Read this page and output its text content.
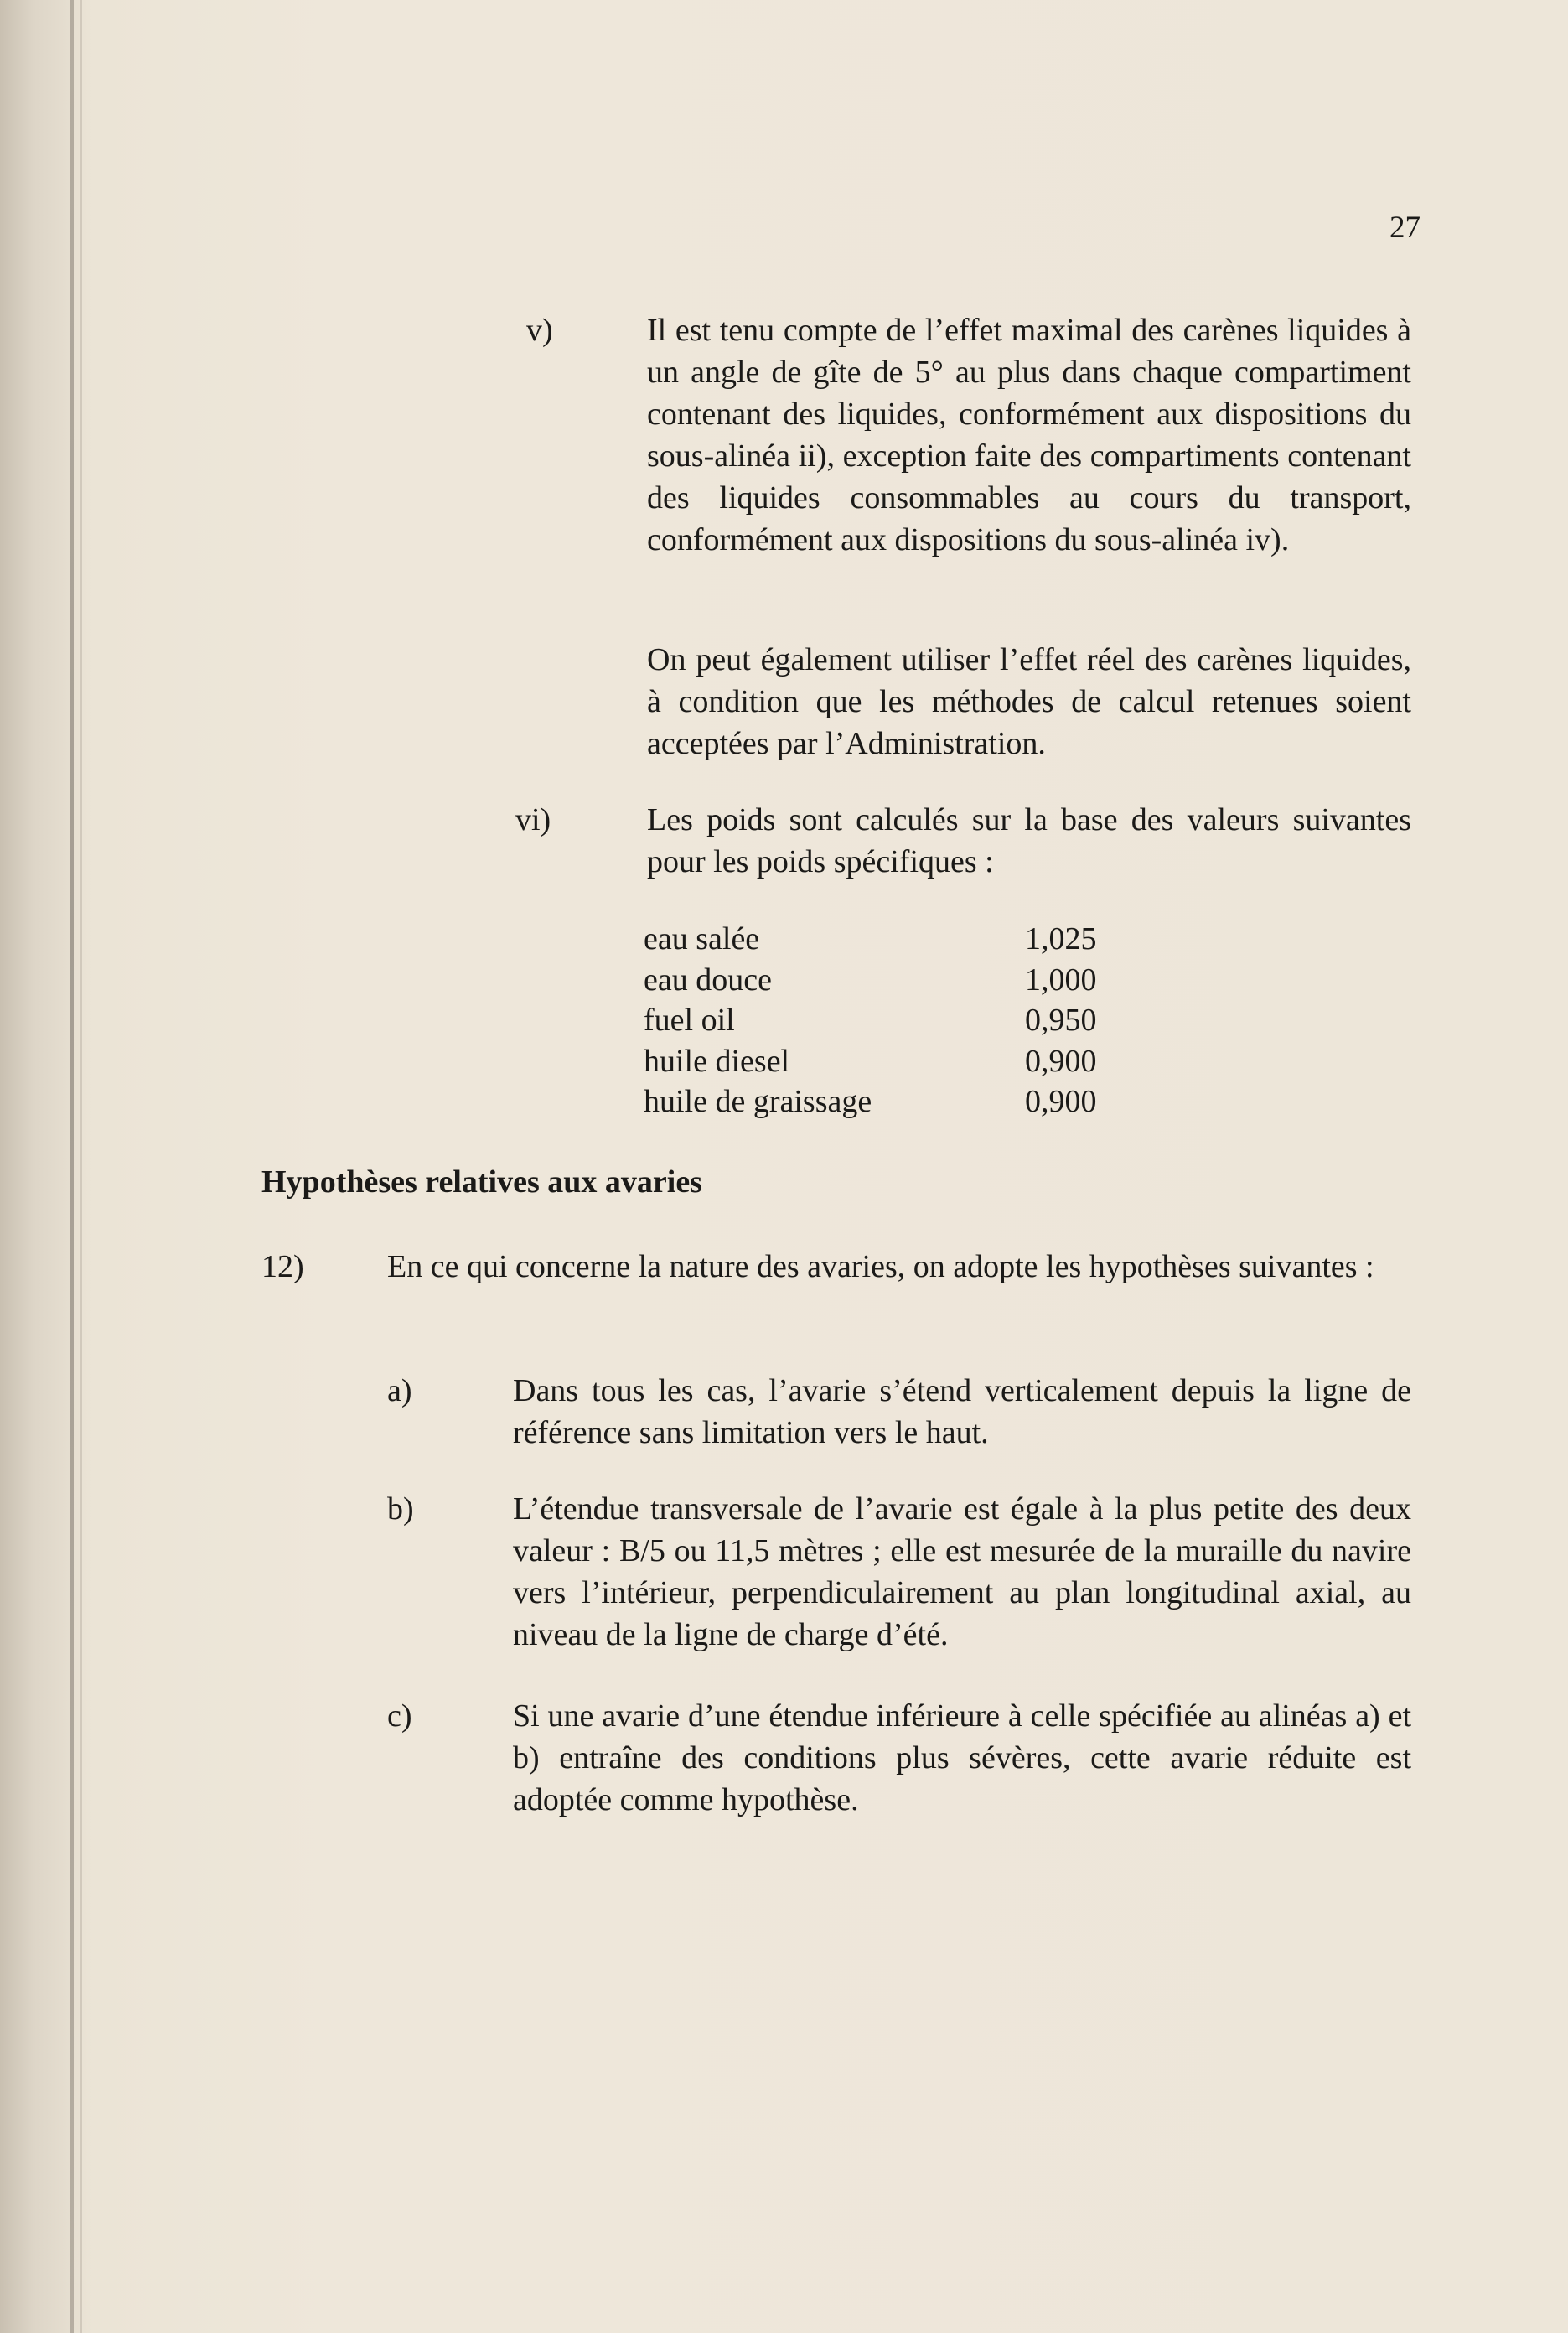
27
v)	Il est tenu compte de l’effet maximal des carènes liquides à un angle de gîte de 5° au plus dans chaque compartiment contenant des liquides, conformément aux dispositions du sous-alinéa ii), exception faite des compartiments contenant des liquides consommables au cours du transport, conformément aux dispositions du sous-alinéa iv).

On peut également utiliser l’effet réel des carènes liquides, à condition que les méthodes de calcul retenues soient acceptées par l’Administration.

vi)	Les poids sont calculés sur la base des valeurs suivantes pour les poids spécifiques :

eau salée	1,025
eau douce	1,000
fuel oil	0,950
huile diesel	0,900
huile de graissage	0,900
Hypothèses relatives aux avaries
12)	En ce qui concerne la nature des avaries, on adopte les hypothèses suivantes :

a)	Dans tous les cas, l’avarie s’étend verticalement depuis la ligne de référence sans limitation vers le haut.

b)	L’étendue transversale de l’avarie est égale à la plus petite des deux valeur : B/5 ou 11,5 mètres ; elle est mesurée de la muraille du navire vers l’intérieur, perpendiculairement au plan longitudinal axial, au niveau de la ligne de charge d’été.

c)	Si une avarie d’une étendue inférieure à celle spécifiée au alinéas a) et b) entraîne des conditions plus sévères, cette avarie réduite est adoptée comme hypothèse.
